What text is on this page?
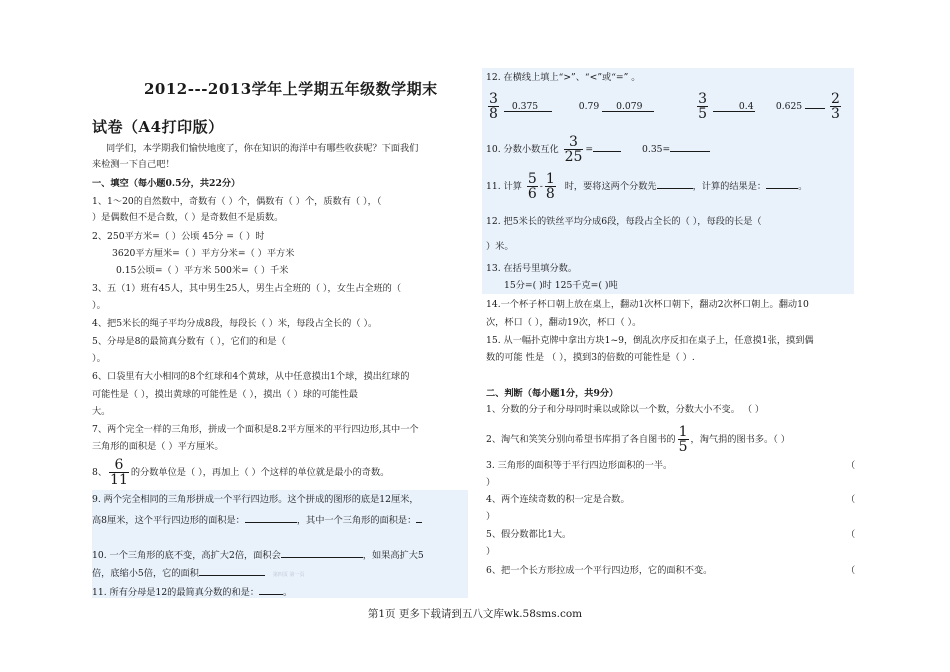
2012---2013学年上学期五年级数学期末
试卷（A4打印版）
同学们，本学期我们愉快地度了，你在知识的海洋中有哪些收获呢？下面我们
来检测一下自己吧！
一、填空（每小题0.5分，共22分）
1、1～20的自然数中，奇数有（ ）个，偶数有（ ）个，质数有（ ），（
）是偶数但不是合数，（ ）是奇数但不是质数。
2、250平方米=（ ）公顷 45分 =（ ）时
3620平方厘米=（ ）平方分米=（ ）平方米
0.15公顷=（ ）平方米 500米=（ ）千米
3、五（1）班有45人，其中男生25人，男生占全班的（ ），女生占全班的（
）。
4、把5米长的绳子平均分成8段，每段长（ ）米，每段占全长的（ ）。
5、分母是8的最简真分数有（ ），它们的和是（
）。
6、口袋里有大小相同的8个红球和4个黄球，从中任意摸出1个球，摸出红球的
可能性是（ ），摸出黄球的可能性是（ ），摸出（ ）球的可能性最
大。
7、两个完全一样的三角形，拼成一个面积是8.2平方厘米的平行四边形,其中一个
三角形的面积是（ ）平方厘米。
8、 $\frac{6}{11}$ 的分数单位是（ ），再加上（ ）个这样的单位就是最小的奇数。
9. 两个完全相同的三角形拼成一个平行四边形。这个拼成的图形的底是12厘米，
高8厘米，这个平行四边形的面积是：	，其中一个三角形的面积是：
10. 一个三角形的底不变，高扩大2倍，面积会	，如果高扩大5
倍，底缩小5倍，它的面积	第四页 第一页
11. 所有分母是12的最简真分数的和是：	。
12. 在横线上填上“>”、“<”或“=” 。
$\frac{3}{8} 0.375$	0.79 0.079	$\frac{3}{5}$	0.4 $0.625 \frac{2}{3}$
10. 分数小数互化 $\frac{3}{25}$ =	0.35=
11. 计算 $\frac{5}{6} - \frac{1}{8}$ 时，要将这两个分数先	，计算的结果是：	。
12. 把5米长的铁丝平均分成6段，每段占全长的（ ），每段的长是（
）米。
13. 在括号里填分数。
15分=( )时 125千克=( )吨
14.一个杯子杯口朝上放在桌上，翻动1次杯口朝下，翻动2次杯口朝上。翻动10
次，杯口（ ），翻动19次，杯口（ ）。
15. 从一幅扑克牌中拿出方块1~9，倒乱次序反扣在桌子上，任意摸1张，摸到偶
数的可能 性是 （ ），摸到3的倍数的可能性是（ ）.
二、判断（每小题1分，共9分）
1、分数的分子和分母同时乘以或除以一个数，分数大小不变。 （ ）
2、淘气和笑笑分别向希望书库捐了各自图书的 $\frac{1}{5}$ ，淘气捐的图书多。（ ）
3. 三角形的面积等于平行四边形面积的一半。	（
）
4、两个连续奇数的积一定是合数。	（
）
5、假分数都比1大。	（
）
6、把一个长方形拉成一个平行四边形，它的面积不变。	（
第1页 更多下载请到五八文库wk.58sms.com
